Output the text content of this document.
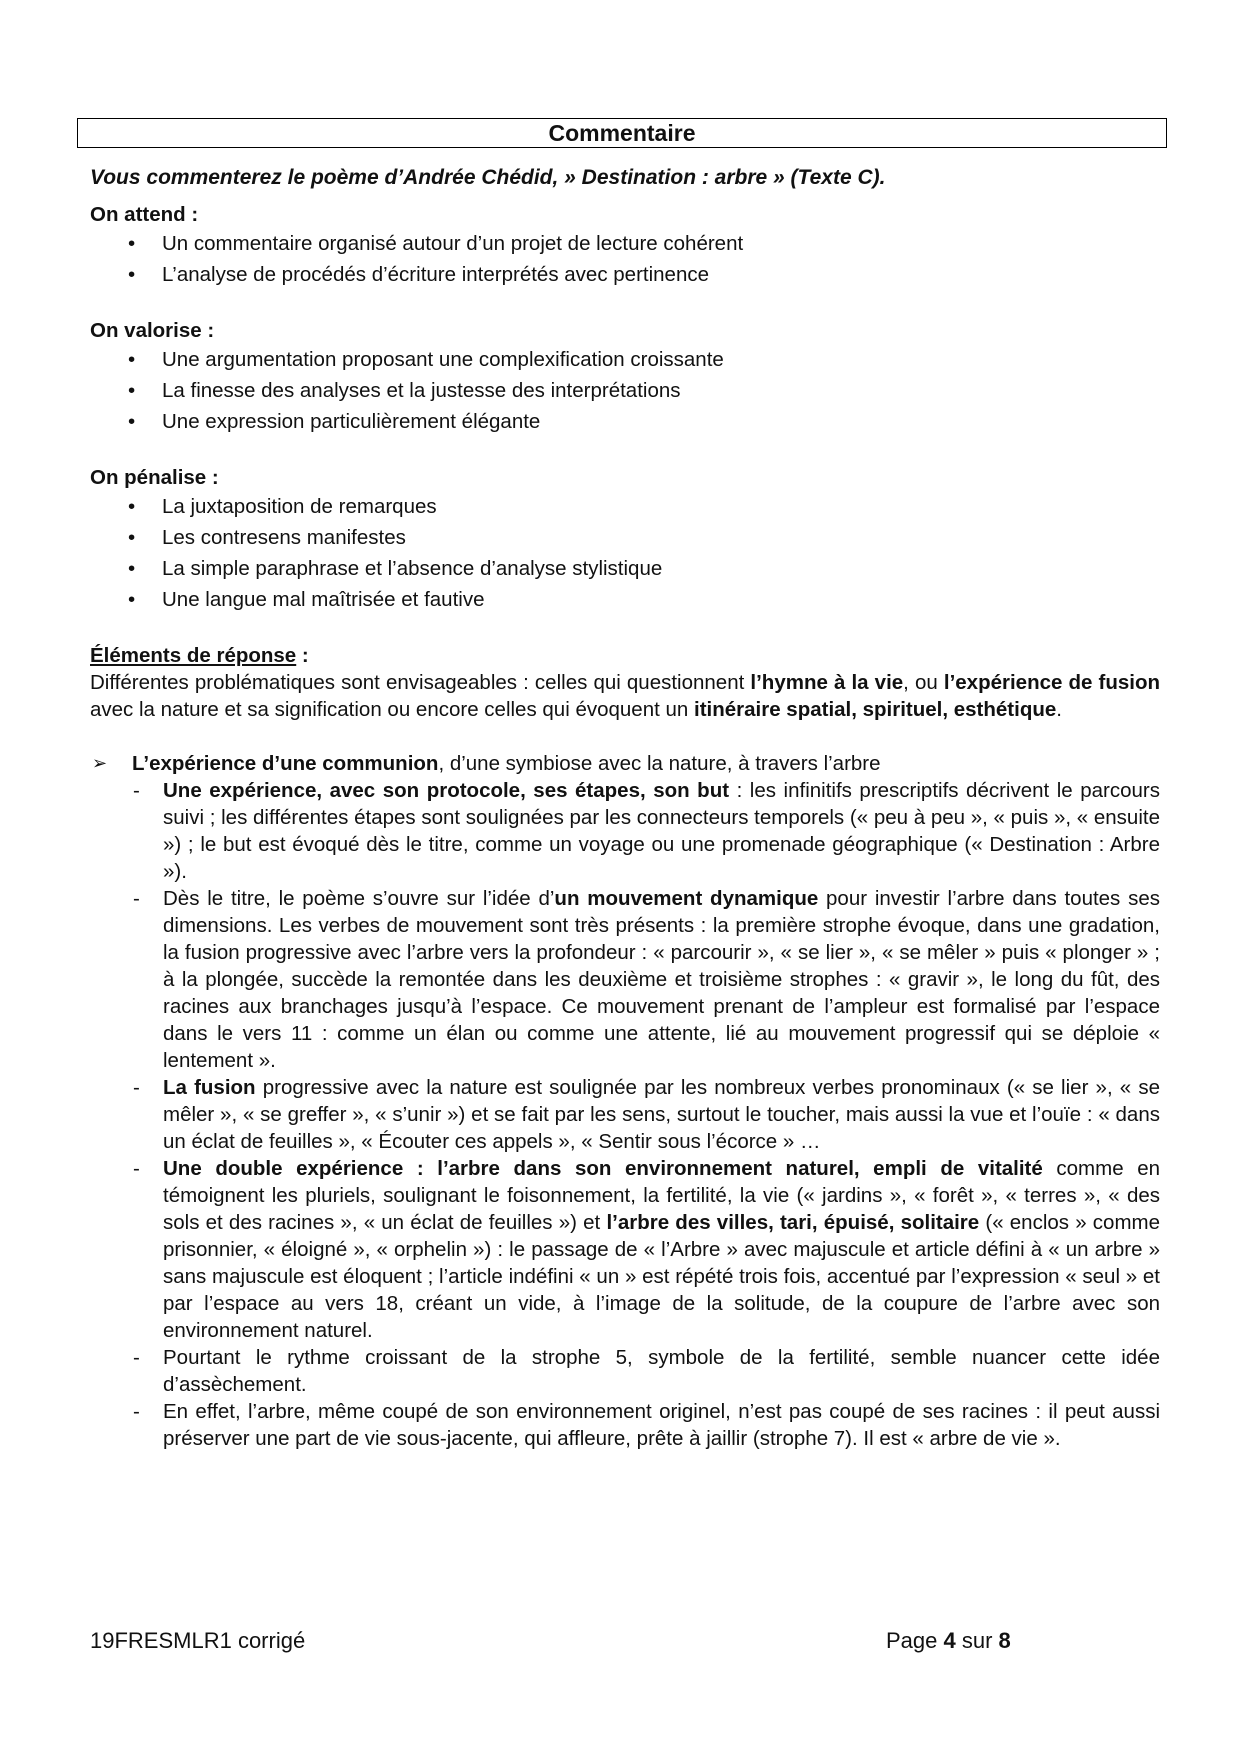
Commentaire

Vous commenterez le poème d’Andrée Chédid, » Destination : arbre » (Texte C).

On attend :

• Un commentaire organisé autour d’un projet de lecture cohérent
• L’analyse de procédés d’écriture interprétés avec pertinence

On valorise :

• Une argumentation proposant une complexification croissante
• La finesse des analyses et la justesse des interprétations
• Une expression particulièrement élégante

On pénalise :

• La juxtaposition de remarques
• Les contresens manifestes
• La simple paraphrase et l’absence d’analyse stylistique
• Une langue mal maîtrisée et fautive

Éléments de réponse :

Différentes problématiques sont envisageables : celles qui questionnent l’hymne à la vie, ou l’expérience de fusion avec la nature et sa signification ou encore celles qui évoquent un itinéraire spatial, spirituel, esthétique.

➢ L’expérience d’une communion, d’une symbiose avec la nature, à travers l’arbre
- Une expérience, avec son protocole, ses étapes, son but : les infinitifs prescriptifs décrivent le parcours suivi ; les différentes étapes sont soulignées par les connecteurs temporels (« peu à peu », « puis », « ensuite ») ; le but est évoqué dès le titre, comme un voyage ou une promenade géographique (« Destination : Arbre »).
- Dès le titre, le poème s’ouvre sur l’idée d’un mouvement dynamique pour investir l’arbre dans toutes ses dimensions. Les verbes de mouvement sont très présents : la première strophe évoque, dans une gradation, la fusion progressive avec l’arbre vers la profondeur : « parcourir », « se lier », « se mêler » puis « plonger » ; à la plongée, succède la remontée dans les deuxième et troisième strophes : « gravir », le long du fût, des racines aux branchages jusqu’à l’espace. Ce mouvement prenant de l’ampleur est formalisé par l’espace dans le vers 11 : comme un élan ou comme une attente, lié au mouvement progressif qui se déploie « lentement ».
- La fusion progressive avec la nature est soulignée par les nombreux verbes pronominaux (« se lier », « se mêler », « se greffer », « s’unir ») et se fait par les sens, surtout le toucher, mais aussi la vue et l’ouïe : « dans un éclat de feuilles », « Écouter ces appels », « Sentir sous l’écorce » …
- Une double expérience : l’arbre dans son environnement naturel, empli de vitalité comme en témoignent les pluriels, soulignant le foisonnement, la fertilité, la vie (« jardins », « forêt », « terres », « des sols et des racines », « un éclat de feuilles ») et l’arbre des villes, tari, épuisé, solitaire (« enclos » comme prisonnier, « éloigné », « orphelin ») : le passage de « l’Arbre » avec majuscule et article défini à « un arbre » sans majuscule est éloquent ; l’article indéfini « un » est répété trois fois, accentué par l’expression « seul » et par l’espace au vers 18, créant un vide, à l’image de la solitude, de la coupure de l’arbre avec son environnement naturel.
- Pourtant le rythme croissant de la strophe 5, symbole de la fertilité, semble nuancer cette idée d’assèchement.
- En effet, l’arbre, même coupé de son environnement originel, n’est pas coupé de ses racines : il peut aussi préserver une part de vie sous-jacente, qui affleure, prête à jaillir (strophe 7). Il est « arbre de vie ».
19FRESMLR1 corrigé	Page 4 sur 8
